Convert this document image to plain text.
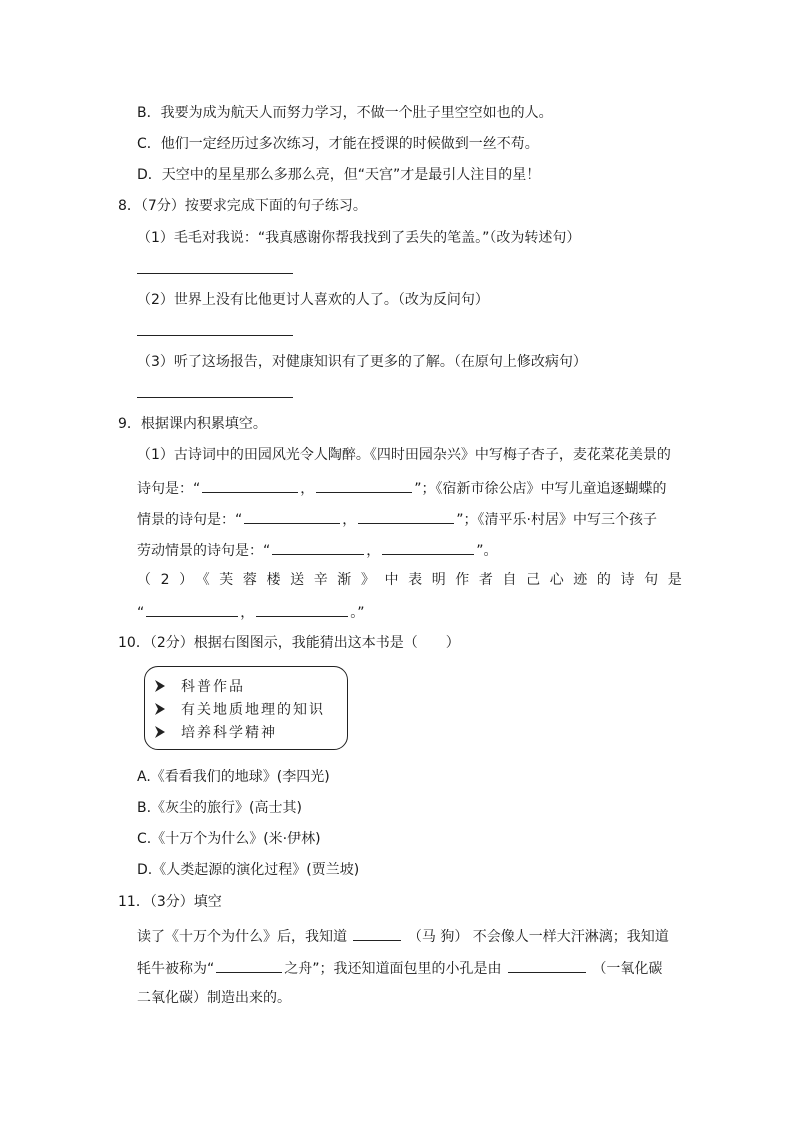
B．我要为成为航天人而努力学习，不做一个肚子里空空如也的人。
C．他们一定经历过多次练习，才能在授课的时候做到一丝不苟。
D．天空中的星星那么多那么亮，但“天宫”才是最引人注目的星！
8．（7分）按要求完成下面的句子练习。
（1）毛毛对我说：“我真感谢你帮我找到了丢失的笔盖。”（改为转述句）
（2）世界上没有比他更讨人喜欢的人了。（改为反问句）
（3）听了这场报告，对健康知识有了更多的了解。（在原句上修改病句）
9．根据课内积累填空。
（1）古诗词中的田园风光令人陶醉。《四时田园杂兴》中写梅子杏子，麦花菜花美景的
诗句是：“	，	”；《宿新市徐公店》中写儿童追逐蝴蝶的
情景的诗句是：“	，	”；《清平乐·村居》中写三个孩子
劳动情景的诗句是：“	，	”。
（2）《芙蓉楼送辛渐》中表明作者自己心迹的诗句是
“	，	。”
10．（2分）根据右图图示，我能猜出这本书是（　　）
科普作品
有关地质地理的知识
培养科学精神
A.《看看我们的地球》(李四光)
B.《灰尘的旅行》(高士其)
C.《十万个为什么》(米·伊林)
D.《人类起源的演化过程》(贾兰坡)
11．（3分）填空
读了《十万个为什么》后，我知道	（马 狗） 不会像人一样大汗淋漓；我知道
牦牛被称为“	之舟”；我还知道面包里的小孔是由	（一氧化碳
二氧化碳）制造出来的。
